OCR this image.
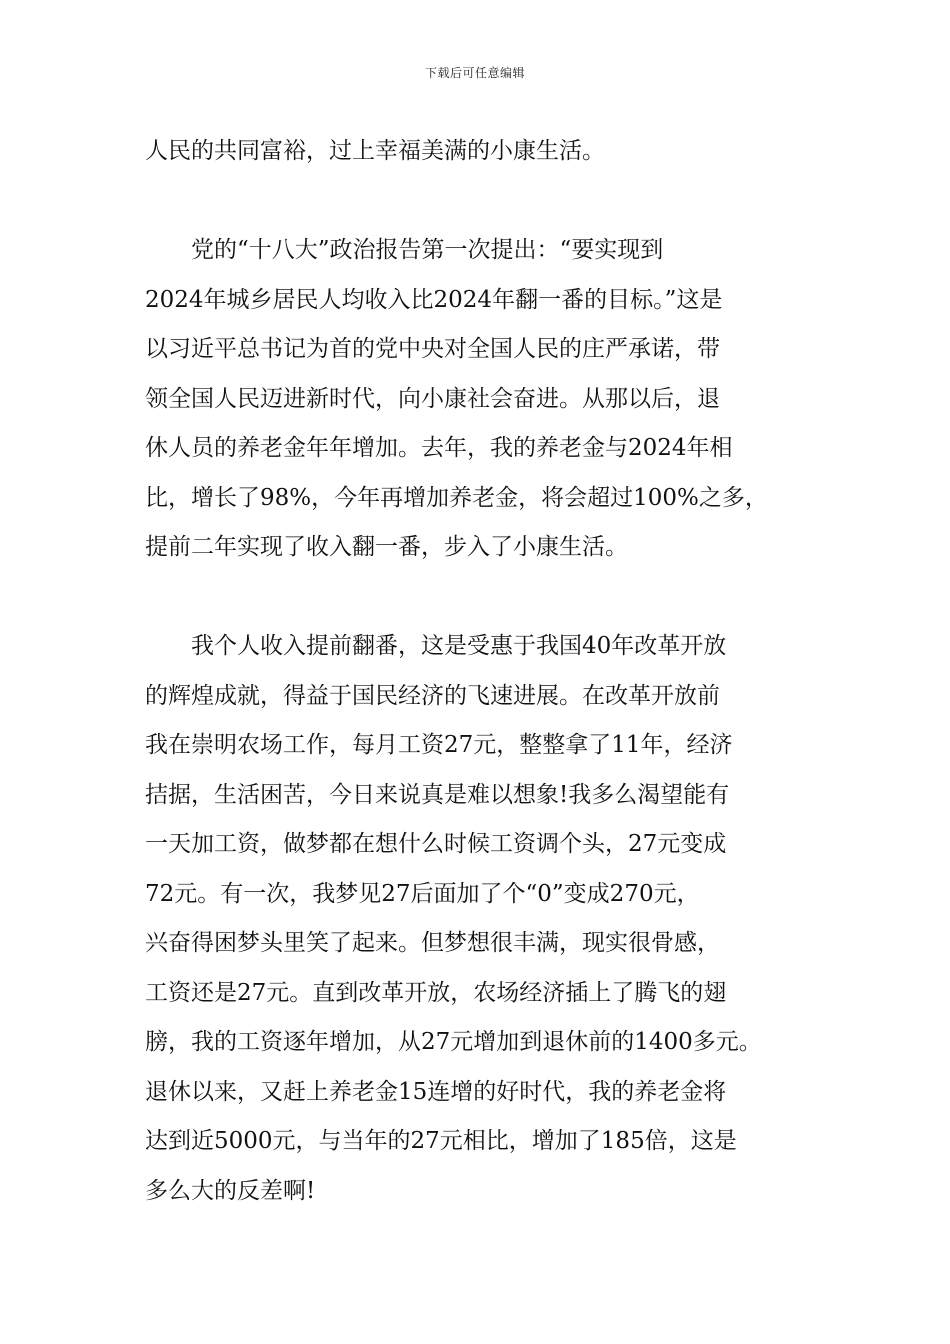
下载后可任意编辑
人民的共同富裕，过上幸福美满的小康生活。
　　党的“十八大”政治报告第一次提出：“要实现到
2024年城乡居民人均收入比2024年翻一番的目标。”这是
以习近平总书记为首的党中央对全国人民的庄严承诺，带
领全国人民迈进新时代，向小康社会奋进。从那以后，退
休人员的养老金年年增加。去年，我的养老金与2024年相
比，增长了98%，今年再增加养老金，将会超过100%之多，
提前二年实现了收入翻一番，步入了小康生活。
　　我个人收入提前翻番，这是受惠于我国40年改革开放
的辉煌成就，得益于国民经济的飞速进展。在改革开放前
我在崇明农场工作，每月工资27元，整整拿了11年，经济
拮据，生活困苦，今日来说真是难以想象!我多么渴望能有
一天加工资，做梦都在想什么时候工资调个头，27元变成
72元。有一次，我梦见27后面加了个“0”变成270元，
兴奋得困梦头里笑了起来。但梦想很丰满，现实很骨感，
工资还是27元。直到改革开放，农场经济插上了腾飞的翅
膀，我的工资逐年增加，从27元增加到退休前的1400多元。
退休以来，又赶上养老金15连增的好时代，我的养老金将
达到近5000元，与当年的27元相比，增加了185倍，这是
多么大的反差啊!
